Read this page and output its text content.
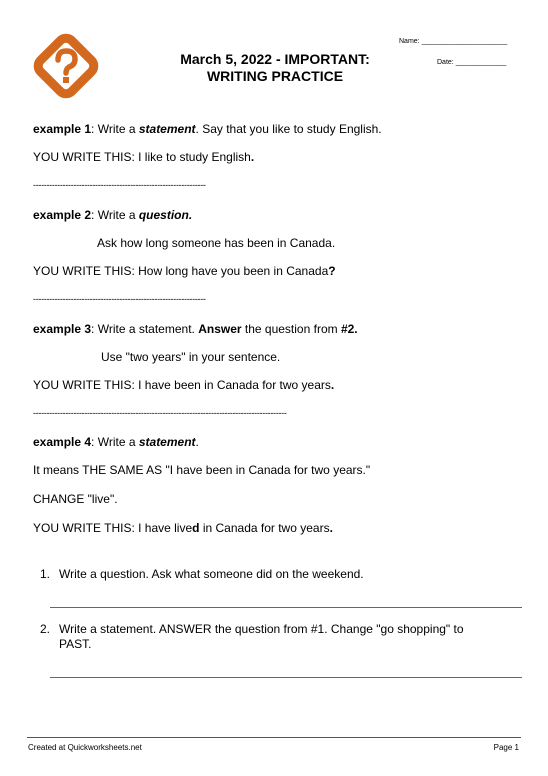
March 5, 2022 - IMPORTANT:
WRITING PRACTICE
Name: ______________________
Date: _____________
example 1: Write a statement. Say that you like to study English.
YOU WRITE THIS: I like to study English.
----------------------------------------------------------------
example 2: Write a question.
Ask how long someone has been in Canada.
YOU WRITE THIS: How long have you been in Canada?
----------------------------------------------------------------
example 3: Write a statement. Answer the question from #2.
Use "two years" in your sentence.
YOU WRITE THIS: I have been in Canada for two years.
----------------------------------------------------------------------------------------------
example 4: Write a statement.
It means THE SAME AS "I have been in Canada for two years."
CHANGE "live".
YOU WRITE THIS: I have lived in Canada for two years.
1. Write a question. Ask what someone did on the weekend.
2. Write a statement. ANSWER the question from #1. Change "go shopping" to PAST.
Created at Quickworksheets.net	Page 1
